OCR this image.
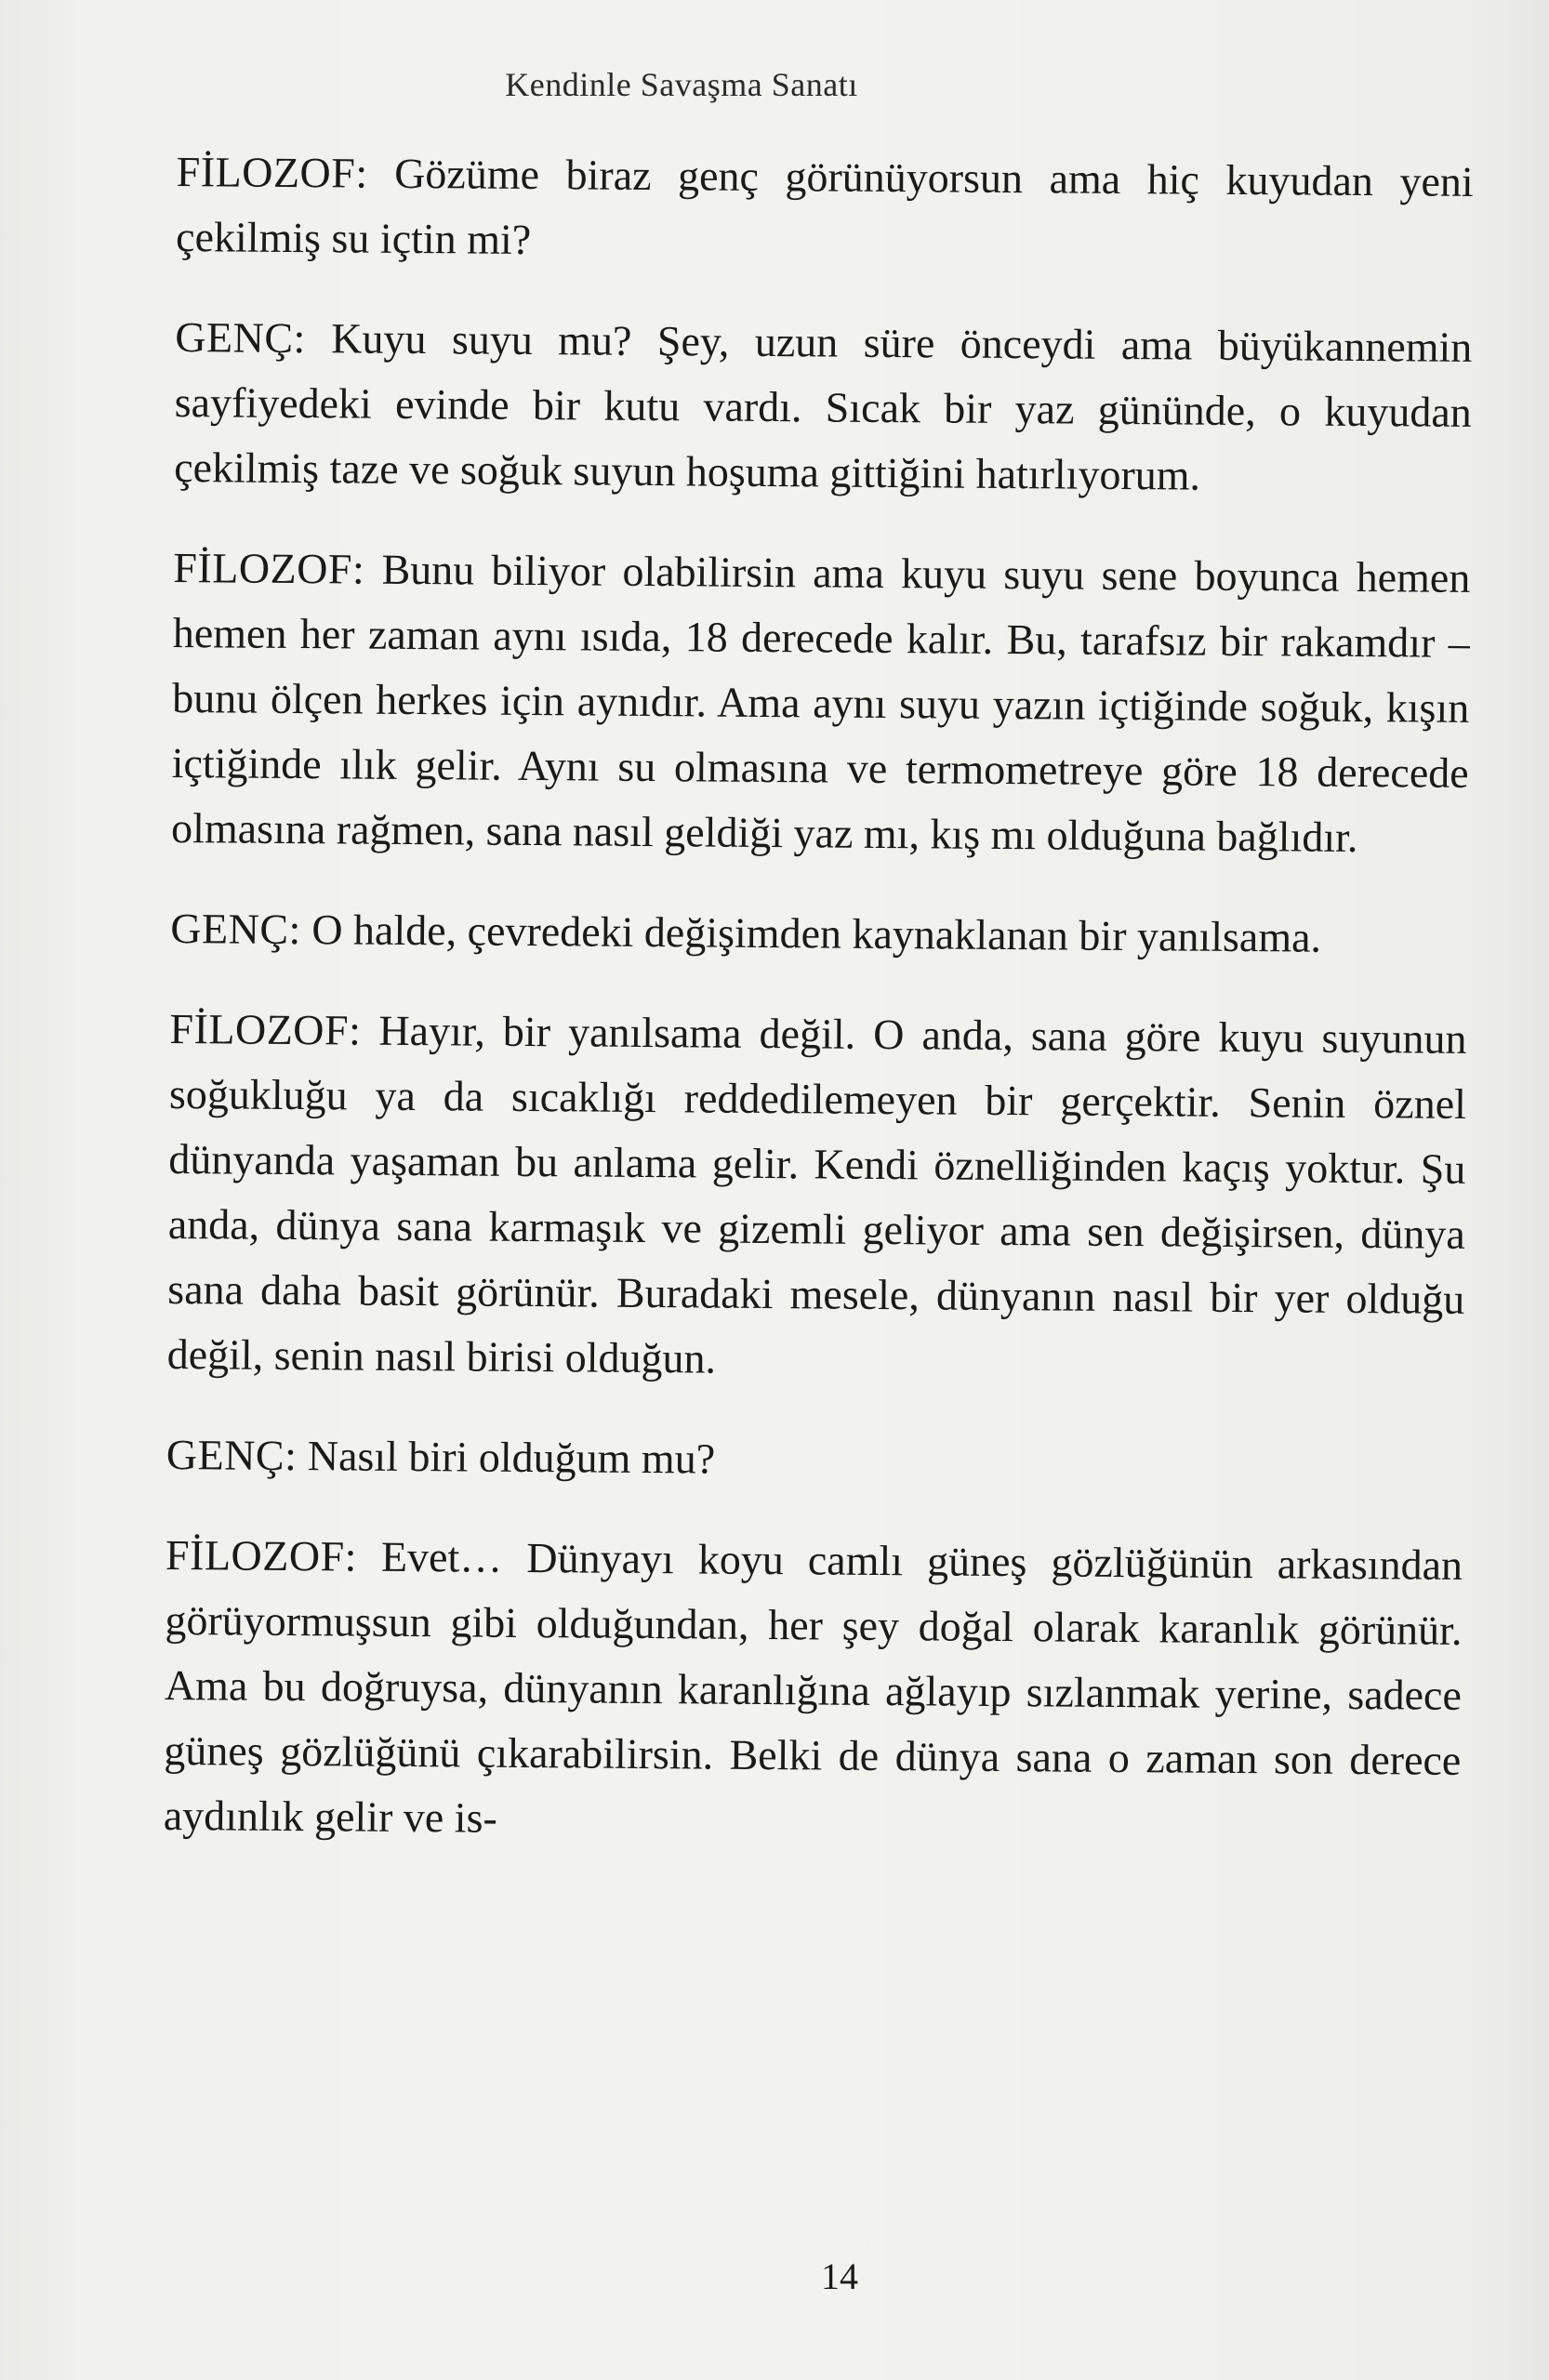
Kendinle Savaşma Sanatı

FİLOZOF: Gözüme biraz genç görünüyorsun ama hiç kuyudan yeni çekilmiş su içtin mi?

GENÇ: Kuyu suyu mu? Şey, uzun süre önceydi ama büyükannemin sayfiyedeki evinde bir kutu vardı. Sıcak bir yaz gününde, o kuyudan çekilmiş taze ve soğuk suyun hoşuma gittiğini hatırlıyorum.

FİLOZOF: Bunu biliyor olabilirsin ama kuyu suyu sene boyunca hemen hemen her zaman aynı ısıda, 18 derecede kalır. Bu, tarafsız bir rakamdır – bunu ölçen herkes için aynıdır. Ama aynı suyu yazın içtiğinde soğuk, kışın içtiğinde ılık gelir. Aynı su olmasına ve termometreye göre 18 derecede olmasına rağmen, sana nasıl geldiği yaz mı, kış mı olduğuna bağlıdır.

GENÇ: O halde, çevredeki değişimden kaynaklanan bir yanılsama.

FİLOZOF: Hayır, bir yanılsama değil. O anda, sana göre kuyu suyunun soğukluğu ya da sıcaklığı reddedilemeyen bir gerçektir. Senin öznel dünyanda yaşaman bu anlama gelir. Kendi öznelliğinden kaçış yoktur. Şu anda, dünya sana karmaşık ve gizemli geliyor ama sen değişirsen, dünya sana daha basit görünür. Buradaki mesele, dünyanın nasıl bir yer olduğu değil, senin nasıl birisi olduğun.

GENÇ: Nasıl biri olduğum mu?

FİLOZOF: Evet… Dünyayı koyu camlı güneş gözlüğünün arkasından görüyormuşsun gibi olduğundan, her şey doğal olarak karanlık görünür. Ama bu doğruysa, dünyanın karanlığına ağlayıp sızlanmak yerine, sadece güneş gözlüğünü çıkarabilirsin. Belki de dünya sana o zaman son derece aydınlık gelir ve is-

14
